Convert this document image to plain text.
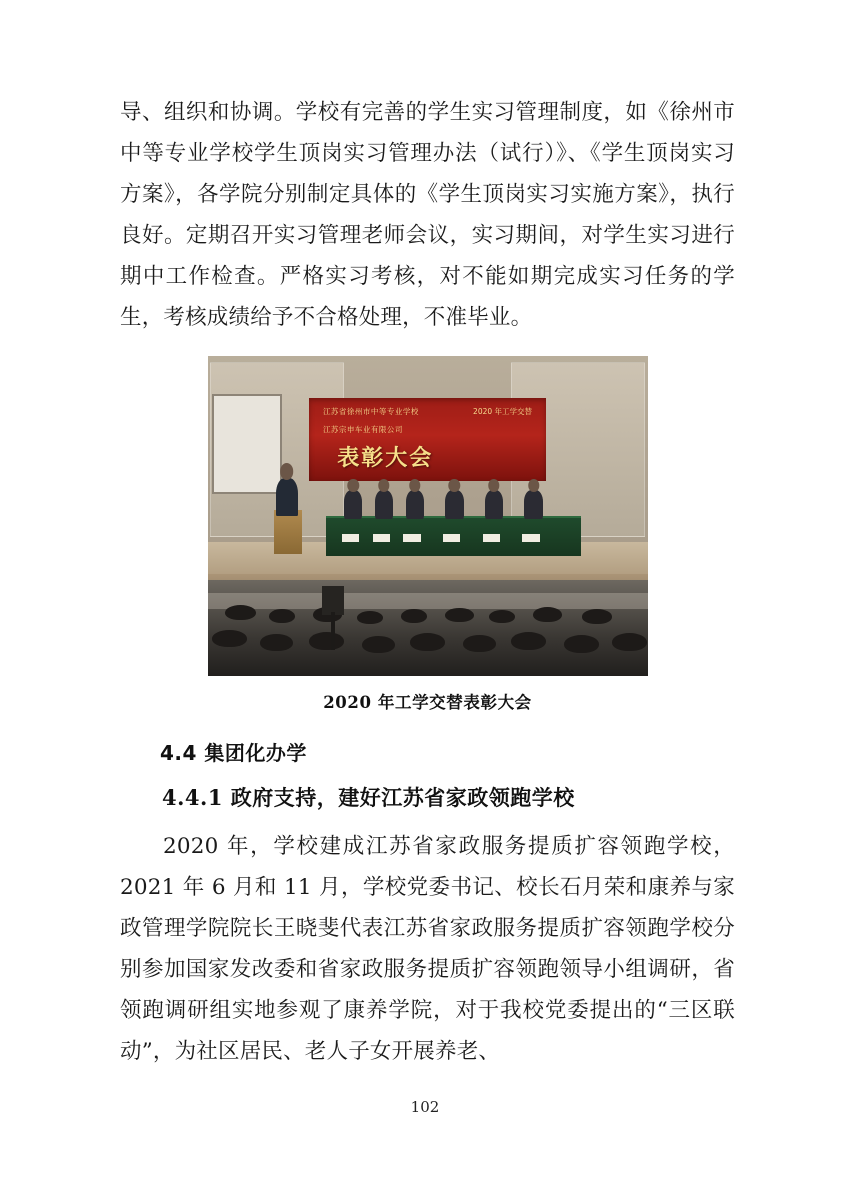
导、组织和协调。学校有完善的学生实习管理制度，如《徐州市中等专业学校学生顶岗实习管理办法（试行）》、《学生顶岗实习方案》，各学院分别制定具体的《学生顶岗实习实施方案》，执行良好。定期召开实习管理老师会议，实习期间，对学生实习进行期中工作检查。严格实习考核，对不能如期完成实习任务的学生，考核成绩给予不合格处理，不准毕业。

江苏省徐州市中等专业学校
江苏宗申车业有限公司
2020 年工学交替
表彰大会
2020 年工学交替表彰大会
4.4 集团化办学
4.4.1 政府支持，建好江苏省家政领跑学校

2020 年，学校建成江苏省家政服务提质扩容领跑学校，2021 年 6 月和 11 月，学校党委书记、校长石月荣和康养与家政管理学院院长王晓斐代表江苏省家政服务提质扩容领跑学校分别参加国家发改委和省家政服务提质扩容领跑领导小组调研，省领跑调研组实地参观了康养学院，对于我校党委提出的“三区联动”，为社区居民、老人子女开展养老、

102
